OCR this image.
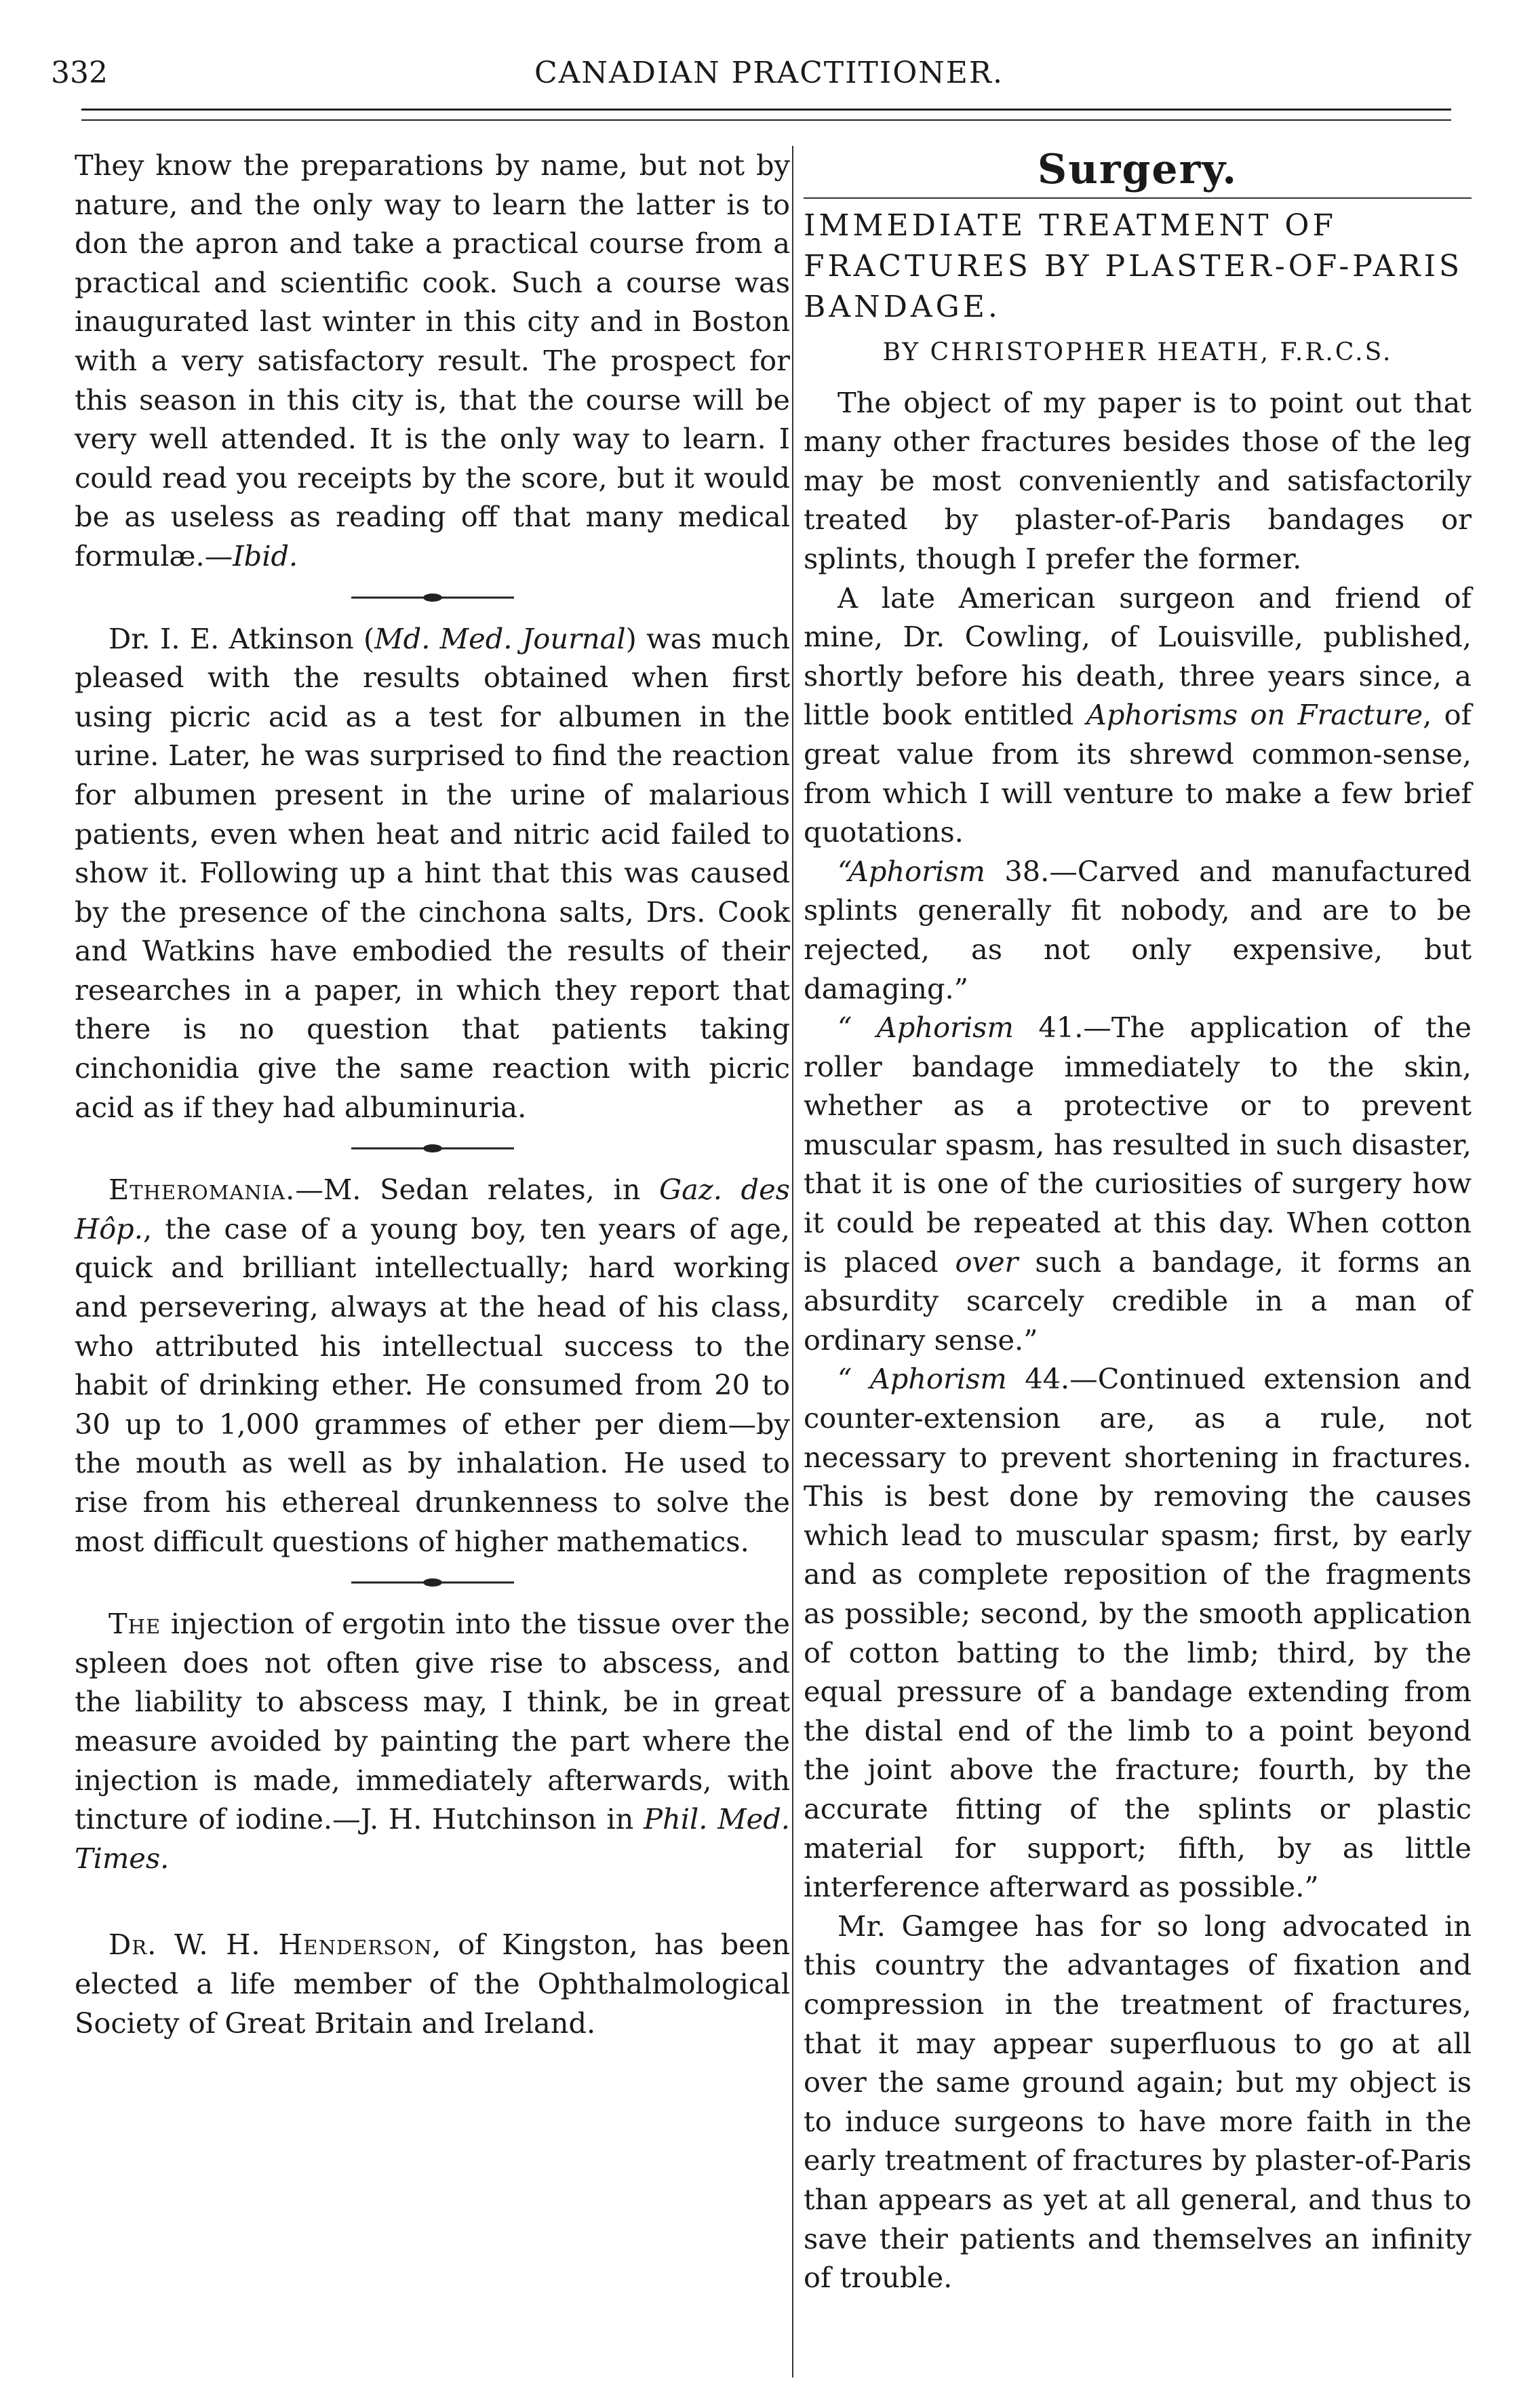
332	CANADIAN PRACTITIONER.

They know the preparations by name, but not by nature, and the only way to learn the latter is to don the apron and take a practical course from a practical and scientific cook. Such a course was inaugurated last winter in this city and in Boston with a very satisfactory result. The prospect for this season in this city is, that the course will be very well attended. It is the only way to learn. I could read you receipts by the score, but it would be as useless as reading off that many medical formulæ.—Ibid.

Dr. I. E. Atkinson (Md. Med. Journal) was much pleased with the results obtained when first using picric acid as a test for albumen in the urine. Later, he was surprised to find the reaction for albumen present in the urine of malarious patients, even when heat and nitric acid failed to show it. Following up a hint that this was caused by the presence of the cinchona salts, Drs. Cook and Watkins have embodied the results of their researches in a paper, in which they report that there is no question that patients taking cinchonidia give the same reaction with picric acid as if they had albuminuria.

Etheromania.—M. Sedan relates, in Gaz. des Hôp., the case of a young boy, ten years of age, quick and brilliant intellectually; hard working and persevering, always at the head of his class, who attributed his intellectual success to the habit of drinking ether. He consumed from 20 to 30 up to 1,000 grammes of ether per diem—by the mouth as well as by inhalation. He used to rise from his ethereal drunkenness to solve the most difficult questions of higher mathematics.

The injection of ergotin into the tissue over the spleen does not often give rise to abscess, and the liability to abscess may, I think, be in great measure avoided by painting the part where the injection is made, immediately afterwards, with tincture of iodine.—J. H. Hutchinson in Phil. Med. Times.

Dr. W. H. Henderson, of Kingston, has been elected a life member of the Ophthalmological Society of Great Britain and Ireland.

Surgery.
IMMEDIATE TREATMENT OF FRACTURES BY PLASTER-OF-PARIS BANDAGE.
BY CHRISTOPHER HEATH, F.R.C.S.

The object of my paper is to point out that many other fractures besides those of the leg may be most conveniently and satisfactorily treated by plaster-of-Paris bandages or splints, though I prefer the former.

A late American surgeon and friend of mine, Dr. Cowling, of Louisville, published, shortly before his death, three years since, a little book entitled Aphorisms on Fracture, of great value from its shrewd common-sense, from which I will venture to make a few brief quotations.

“Aphorism 38.—Carved and manufactured splints generally fit nobody, and are to be rejected, as not only expensive, but damaging.”

“ Aphorism 41.—The application of the roller bandage immediately to the skin, whether as a protective or to prevent muscular spasm, has resulted in such disaster, that it is one of the curiosities of surgery how it could be repeated at this day. When cotton is placed over such a bandage, it forms an absurdity scarcely credible in a man of ordinary sense.”

“ Aphorism 44.—Continued extension and counter-extension are, as a rule, not necessary to prevent shortening in fractures. This is best done by removing the causes which lead to muscular spasm; first, by early and as complete reposition of the fragments as possible; second, by the smooth application of cotton batting to the limb; third, by the equal pressure of a bandage extending from the distal end of the limb to a point beyond the joint above the fracture; fourth, by the accurate fitting of the splints or plastic material for support; fifth, by as little interference afterward as possible.”

Mr. Gamgee has for so long advocated in this country the advantages of fixation and compression in the treatment of fractures, that it may appear superfluous to go at all over the same ground again; but my object is to induce surgeons to have more faith in the early treatment of fractures by plaster-of-Paris than appears as yet at all general, and thus to save their patients and themselves an infinity of trouble.
